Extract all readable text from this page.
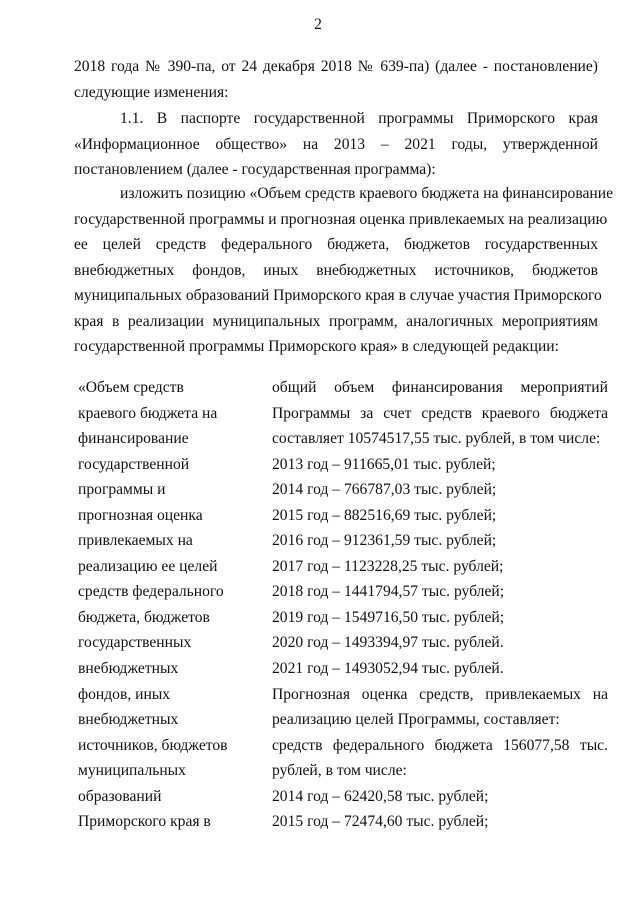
2
2018 года № 390-па, от 24 декабря 2018 № 639-па) (далее - постановление)
следующие изменения:
1.1. В паспорте государственной программы Приморского края
«Информационное общество» на 2013 – 2021 годы, утвержденной
постановлением (далее - государственная программа):
изложить позицию «Объем средств краевого бюджета на финансирование
государственной программы и прогнозная оценка привлекаемых на реализацию
ее целей средств федерального бюджета, бюджетов государственных
внебюджетных фондов, иных внебюджетных источников, бюджетов
муниципальных образований Приморского края в случае участия Приморского
края в реализации муниципальных программ, аналогичных мероприятиям
государственной программы Приморского края» в следующей редакции:
«Объем средств
краевого бюджета на
финансирование
государственной
программы и
прогнозная оценка
привлекаемых на
реализацию ее целей
средств федерального
бюджета, бюджетов
государственных
внебюджетных
фондов, иных
внебюджетных
источников, бюджетов
муниципальных
образований
Приморского края в
общий объем финансирования мероприятий
Программы за счет средств краевого бюджета
составляет 10574517,55 тыс. рублей, в том числе:
2013 год – 911665,01 тыс. рублей;
2014 год – 766787,03 тыс. рублей;
2015 год – 882516,69 тыс. рублей;
2016 год – 912361,59 тыс. рублей;
2017 год – 1123228,25 тыс. рублей;
2018 год – 1441794,57 тыс. рублей;
2019 год – 1549716,50 тыс. рублей;
2020 год – 1493394,97 тыс. рублей.
2021 год – 1493052,94 тыс. рублей.
Прогнозная оценка средств, привлекаемых на
реализацию целей Программы, составляет:
средств федерального бюджета 156077,58 тыс.
рублей, в том числе:
2014 год – 62420,58 тыс. рублей;
2015 год – 72474,60 тыс. рублей;
